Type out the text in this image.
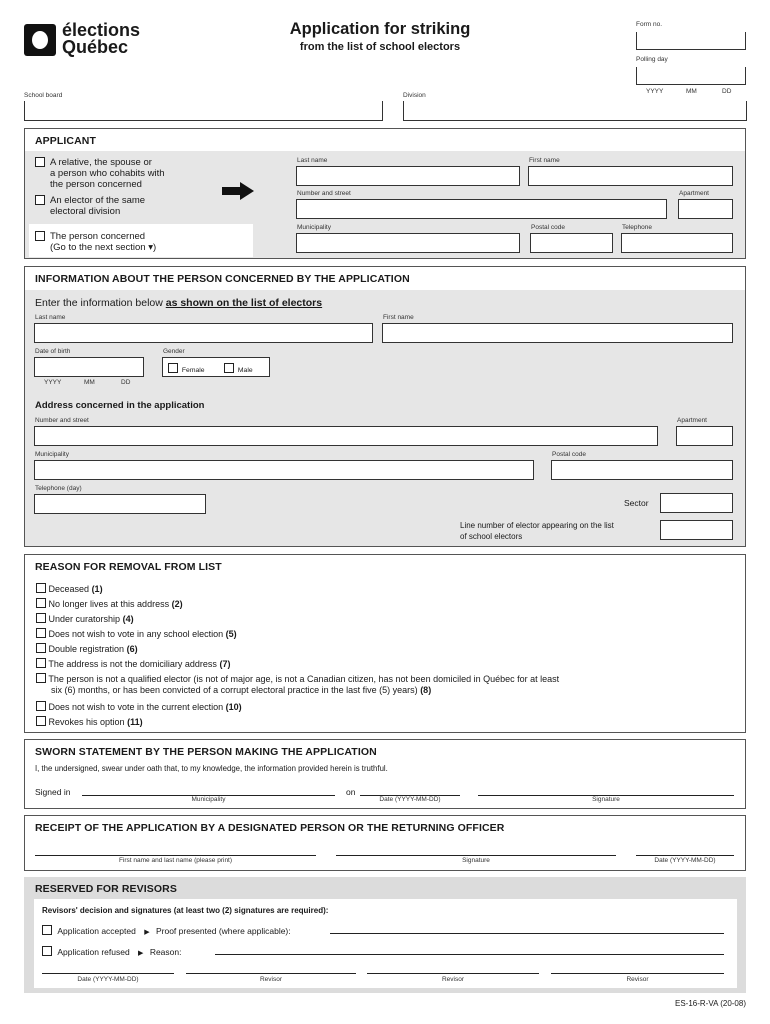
élections
Québec
Application for striking
from the list of school electors
Form no.
Polling day
YYYY	MM	DD
School board	Division
APPLICANT
A relative, the spouse or
a person who cohabits with
the person concerned
An elector of the same
electoral division
The person concerned
(Go to the next section ▾)
Last name	First name
Number and street	Apartment
Municipality	Postal code	Telephone
INFORMATION ABOUT THE PERSON CONCERNED BY THE APPLICATION
Enter the information below as shown on the list of electors
Last name	First name
Date of birth
YYYY	MM	DD
Gender
Female	Male
Address concerned in the application
Number and street	Apartment
Municipality	Postal code
Telephone (day)
Sector
Line number of elector appearing on the list
of school electors
REASON FOR REMOVAL FROM LIST
Deceased (1)
No longer lives at this address (2)
Under curatorship (4)
Does not wish to vote in any school election (5)
Double registration (6)
The address is not the domiciliary address (7)
The person is not a qualified elector (is not of major age, is not a Canadian citizen, has not been domiciled in Québec for at least
six (6) months, or has been convicted of a corrupt electoral practice in the last five (5) years) (8)
Does not wish to vote in the current election (10)
Revokes his option (11)
SWORN STATEMENT BY THE PERSON MAKING THE APPLICATION
I, the undersigned, swear under oath that, to my knowledge, the information provided herein is truthful.
Signed in	on
Municipality	Date (YYYY-MM-DD)	Signature
RECEIPT OF THE APPLICATION BY A DESIGNATED PERSON OR THE RETURNING OFFICER
First name and last name (please print)	Signature	Date (YYYY-MM-DD)
RESERVED FOR REVISORS
Revisors' decision and signatures (at least two (2) signatures are required):
Application accepted ▶ Proof presented (where applicable):
Application refused ▶ Reason:
Date (YYYY-MM-DD)	Revisor	Revisor	Revisor
ES-16-R-VA (20-08)
